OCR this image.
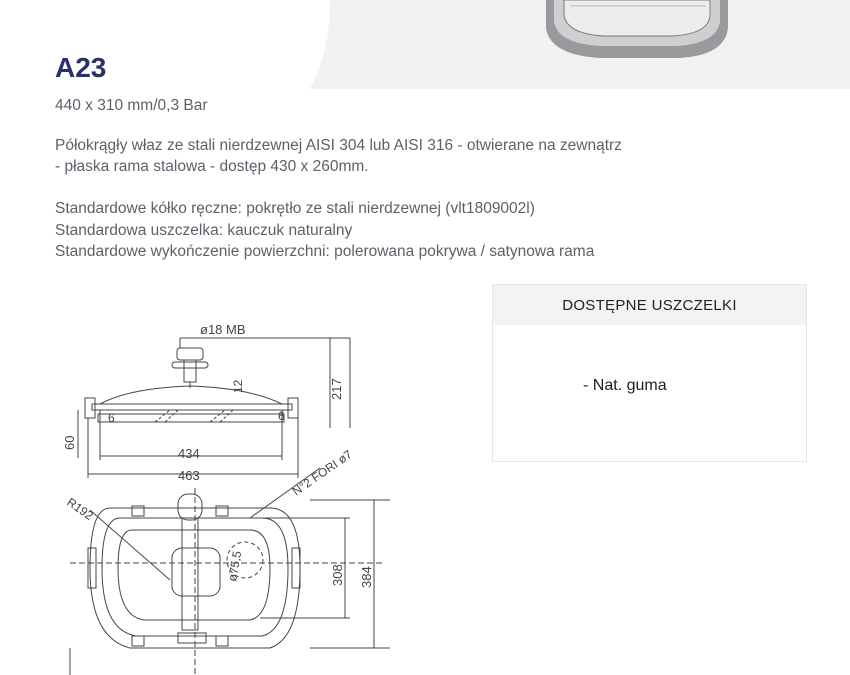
A23
440 x 310 mm/0,3 Bar

Półokrągły właz ze stali nierdzewnej AISI 304 lub AISI 316 - otwierane na zewnątrz

- płaska rama stalowa - dostęp 430 x 260mm.

Standardowe kółko ręczne: pokrętło ze stali nierdzewnej (vlt1809002l)

Standardowa uszczelka: kauczuk naturalny

Standardowe wykończenie powierzchni: polerowana pokrywa / satynowa rama

DOSTĘPNE USZCZELKI
- Nat. guma
ø18 MB
217
60
6	6
12
434
463	N°2 FORI ø7
R192
ø75,5	308 384
